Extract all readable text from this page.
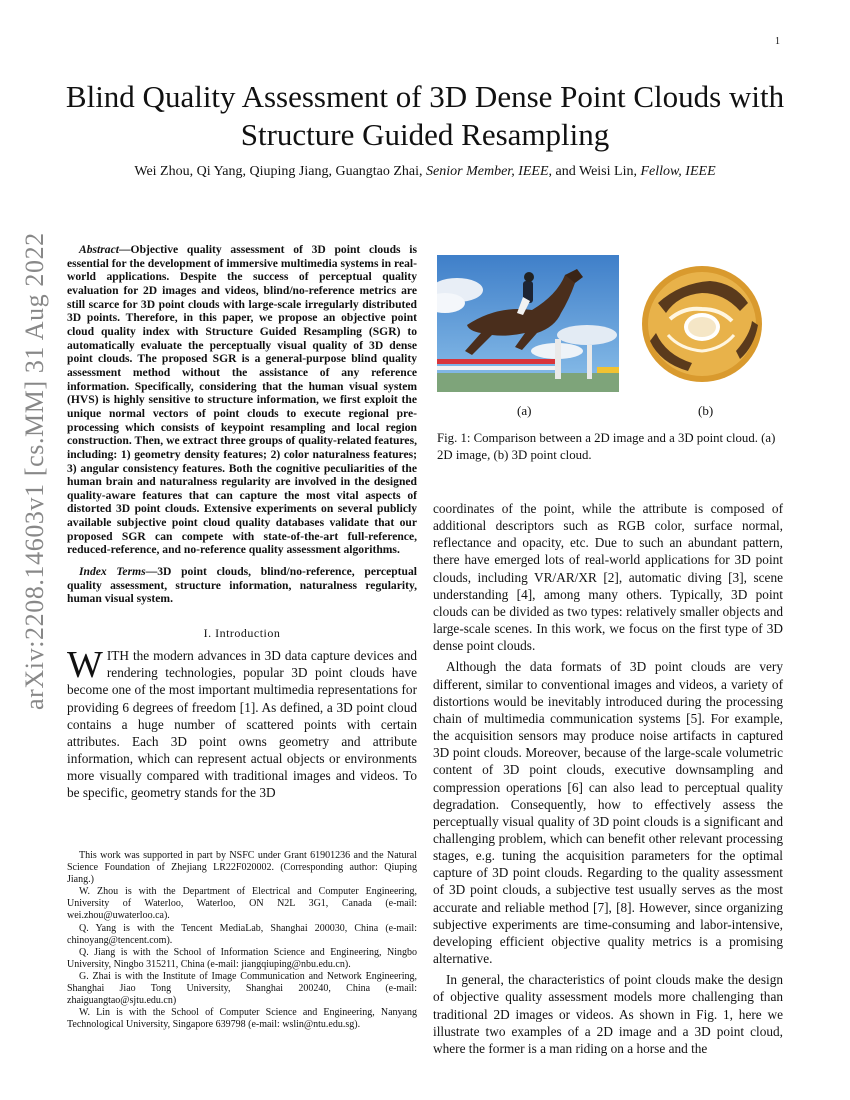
1
arXiv:2208.14603v1 [cs.MM] 31 Aug 2022
Blind Quality Assessment of 3D Dense Point Clouds with Structure Guided Resampling

Wei Zhou, Qi Yang, Qiuping Jiang, Guangtao Zhai, Senior Member, IEEE, and Weisi Lin, Fellow, IEEE

Abstract—Objective quality assessment of 3D point clouds is essential for the development of immersive multimedia systems in real-world applications. Despite the success of perceptual quality evaluation for 2D images and videos, blind/no-reference metrics are still scarce for 3D point clouds with large-scale irregularly distributed 3D points. Therefore, in this paper, we propose an objective point cloud quality index with Structure Guided Resampling (SGR) to automatically evaluate the perceptually visual quality of 3D dense point clouds. The proposed SGR is a general-purpose blind quality assessment method without the assistance of any reference information. Specifically, considering that the human visual system (HVS) is highly sensitive to structure information, we first exploit the unique normal vectors of point clouds to execute regional pre-processing which consists of keypoint resampling and local region construction. Then, we extract three groups of quality-related features, including: 1) geometry density features; 2) color naturalness features; 3) angular consistency features. Both the cognitive peculiarities of the human brain and naturalness regularity are involved in the designed quality-aware features that can capture the most vital aspects of distorted 3D point clouds. Extensive experiments on several publicly available subjective point cloud quality databases validate that our proposed SGR can compete with state-of-the-art full-reference, reduced-reference, and no-reference quality assessment algorithms.

Index Terms—3D point clouds, blind/no-reference, perceptual quality assessment, structure information, naturalness regularity, human visual system.

I. Introduction

WITH the modern advances in 3D data capture devices and rendering technologies, popular 3D point clouds have become one of the most important multimedia representations for providing 6 degrees of freedom [1]. As defined, a 3D point cloud contains a huge number of scattered points with certain attributes. Each 3D point owns geometry and attribute information, which can represent actual objects or environments more visually compared with traditional images and videos. To be specific, geometry stands for the 3D

This work was supported in part by NSFC under Grant 61901236 and the Natural Science Foundation of Zhejiang LR22F020002. (Corresponding author: Qiuping Jiang.)

W. Zhou is with the Department of Electrical and Computer Engineering, University of Waterloo, Waterloo, ON N2L 3G1, Canada (e-mail: wei.zhou@uwaterloo.ca).

Q. Yang is with the Tencent MediaLab, Shanghai 200030, China (e-mail: chinoyang@tencent.com).

Q. Jiang is with the School of Information Science and Engineering, Ningbo University, Ningbo 315211, China (e-mail: jiangqiuping@nbu.edu.cn).

G. Zhai is with the Institute of Image Communication and Network Engineering, Shanghai Jiao Tong University, Shanghai 200240, China (e-mail: zhaiguangtao@sjtu.edu.cn)

W. Lin is with the School of Computer Science and Engineering, Nanyang Technological University, Singapore 639798 (e-mail: wslin@ntu.edu.sg).

(a)	(b)

Fig. 1: Comparison between a 2D image and a 3D point cloud. (a) 2D image, (b) 3D point cloud.

coordinates of the point, while the attribute is composed of additional descriptors such as RGB color, surface normal, reflectance and opacity, etc. Due to such an abundant pattern, there have emerged lots of real-world applications for 3D point clouds, including VR/AR/XR [2], automatic diving [3], scene understanding [4], among many others. Typically, 3D point clouds can be divided as two types: relatively smaller objects and large-scale scenes. In this work, we focus on the first type of 3D dense point clouds.

Although the data formats of 3D point clouds are very different, similar to conventional images and videos, a variety of distortions would be inevitably introduced during the processing chain of multimedia communication systems [5]. For example, the acquisition sensors may produce noise artifacts in captured 3D point clouds. Moreover, because of the large-scale volumetric content of 3D point clouds, executive downsampling and compression operations [6] can also lead to perceptual quality degradation. Consequently, how to effectively assess the perceptually visual quality of 3D point clouds is a significant and challenging problem, which can benefit other relevant processing stages, e.g. tuning the acquisition parameters for the optimal capture of 3D point clouds. Regarding to the quality assessment of 3D point clouds, a subjective test usually serves as the most accurate and reliable method [7], [8]. However, since organizing subjective experiments are time-consuming and labor-intensive, developing efficient objective quality metrics is a promising alternative.

In general, the characteristics of point clouds make the design of objective quality assessment models more challenging than traditional 2D images or videos. As shown in Fig. 1, here we illustrate two examples of a 2D image and a 3D point cloud, where the former is a man riding on a horse and the
